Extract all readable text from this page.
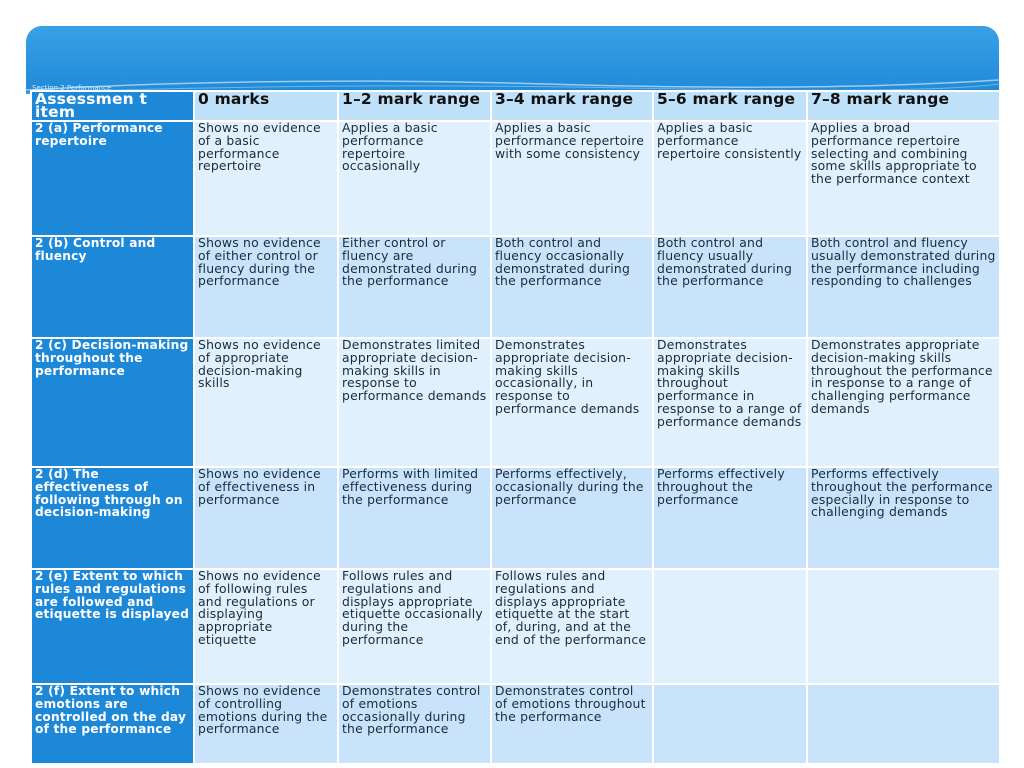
Section 2 Performance
Assessmen t item	0 marks	1–2 mark range	3–4 mark range	5–6 mark range	7–8 mark range
2 (a) Performance repertoire	Shows no evidence of a basic performance repertoire	Applies a basic performance repertoire occasionally	Applies a basic performance repertoire with some consistency	Applies a basic performance repertoire consistently	Applies a broad performance repertoire selecting and combining some skills appropriate to the performance context
2 (b) Control and fluency	Shows no evidence of either control or fluency during the performance	Either control or fluency are demonstrated during the performance	Both control and fluency occasionally demonstrated during the performance	Both control and fluency usually demonstrated during the performance	Both control and fluency usually demonstrated during the performance including responding to challenges
2 (c) Decision-making throughout the performance	Shows no evidence of appropriate decision-making skills	Demonstrates limited appropriate decision-making skills in response to performance demands	Demonstrates appropriate decision-making skills occasionally, in response to performance demands	Demonstrates appropriate decision-making skills throughout performance in response to a range of performance demands	Demonstrates appropriate decision-making skills throughout the performance in response to a range of challenging performance demands
2 (d) The effectiveness of following through on decision-making	Shows no evidence of effectiveness in performance	Performs with limited effectiveness during the performance	Performs effectively, occasionally during the performance	Performs effectively throughout the performance	Performs effectively throughout the performance especially in response to challenging demands
2 (e) Extent to which rules and regulations are followed and etiquette is displayed	Shows no evidence of following rules and regulations or displaying appropriate etiquette	Follows rules and regulations and displays appropriate etiquette occasionally during the performance	Follows rules and regulations and displays appropriate etiquette at the start of, during, and at the end of the performance		
2 (f) Extent to which emotions are controlled on the day of the performance	Shows no evidence of controlling emotions during the performance	Demonstrates control of emotions occasionally during the performance	Demonstrates control of emotions throughout the performance		
